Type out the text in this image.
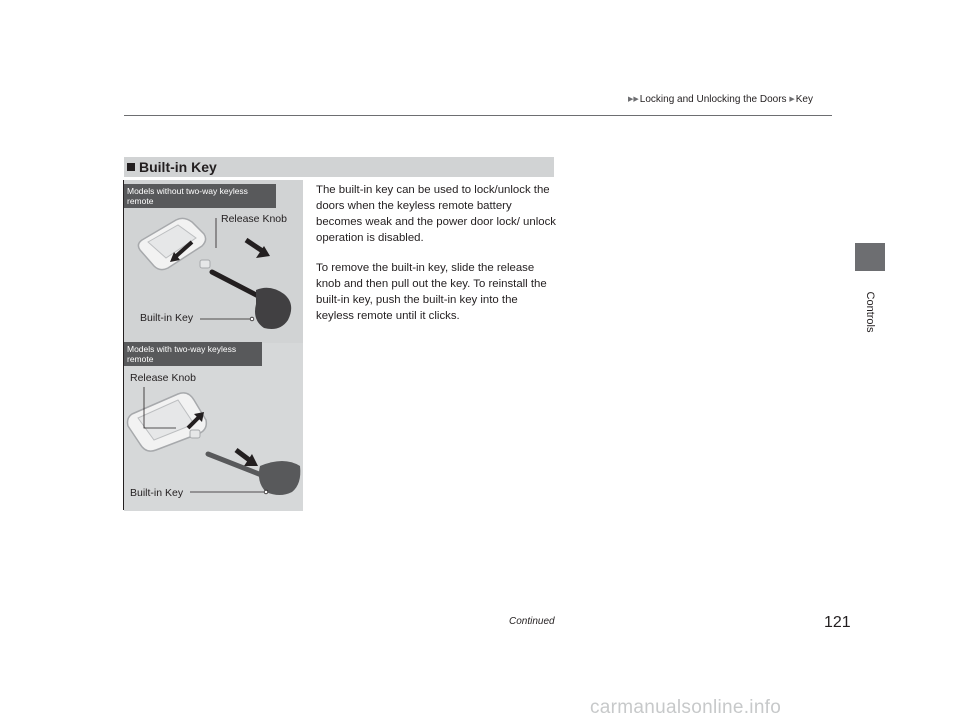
▶▶Locking and Unlocking the Doors ▶Key
Controls
Built-in Key
Models without two-way keyless remote
Release Knob
Built-in Key
Models with two-way keyless remote
Release Knob
Built-in Key
The built-in key can be used to lock/unlock the doors when the keyless remote battery becomes weak and the power door lock/ unlock operation is disabled.
To remove the built-in key, slide the release knob and then pull out the key. To reinstall the built-in key, push the built-in key into the keyless remote until it clicks.
Continued	121
carmanualsonline.info
